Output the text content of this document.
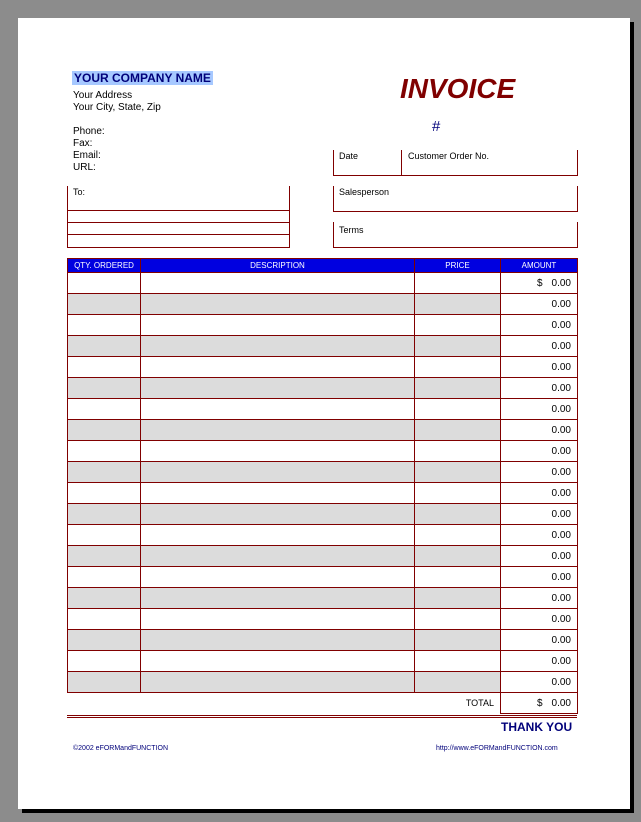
YOUR COMPANY NAME
Your Address
Your City, State, Zip
Phone:
Fax:
Email:
URL:
INVOICE
#
Date	Customer Order No.
To:	Salesperson
Terms
QTY. ORDERED	DESCRIPTION	PRICE	AMOUNT

			$ 0.00

			0.00
			0.00
			0.00
			0.00
			0.00
			0.00
			0.00
			0.00
			0.00
			0.00
			0.00
			0.00
			0.00
			0.00
			0.00
			0.00
			0.00
			0.00
			0.00
TOTAL			$ 0.00
THANK YOU
©2002 eFORMandFUNCTION	http://www.eFORMandFUNCTION.com
